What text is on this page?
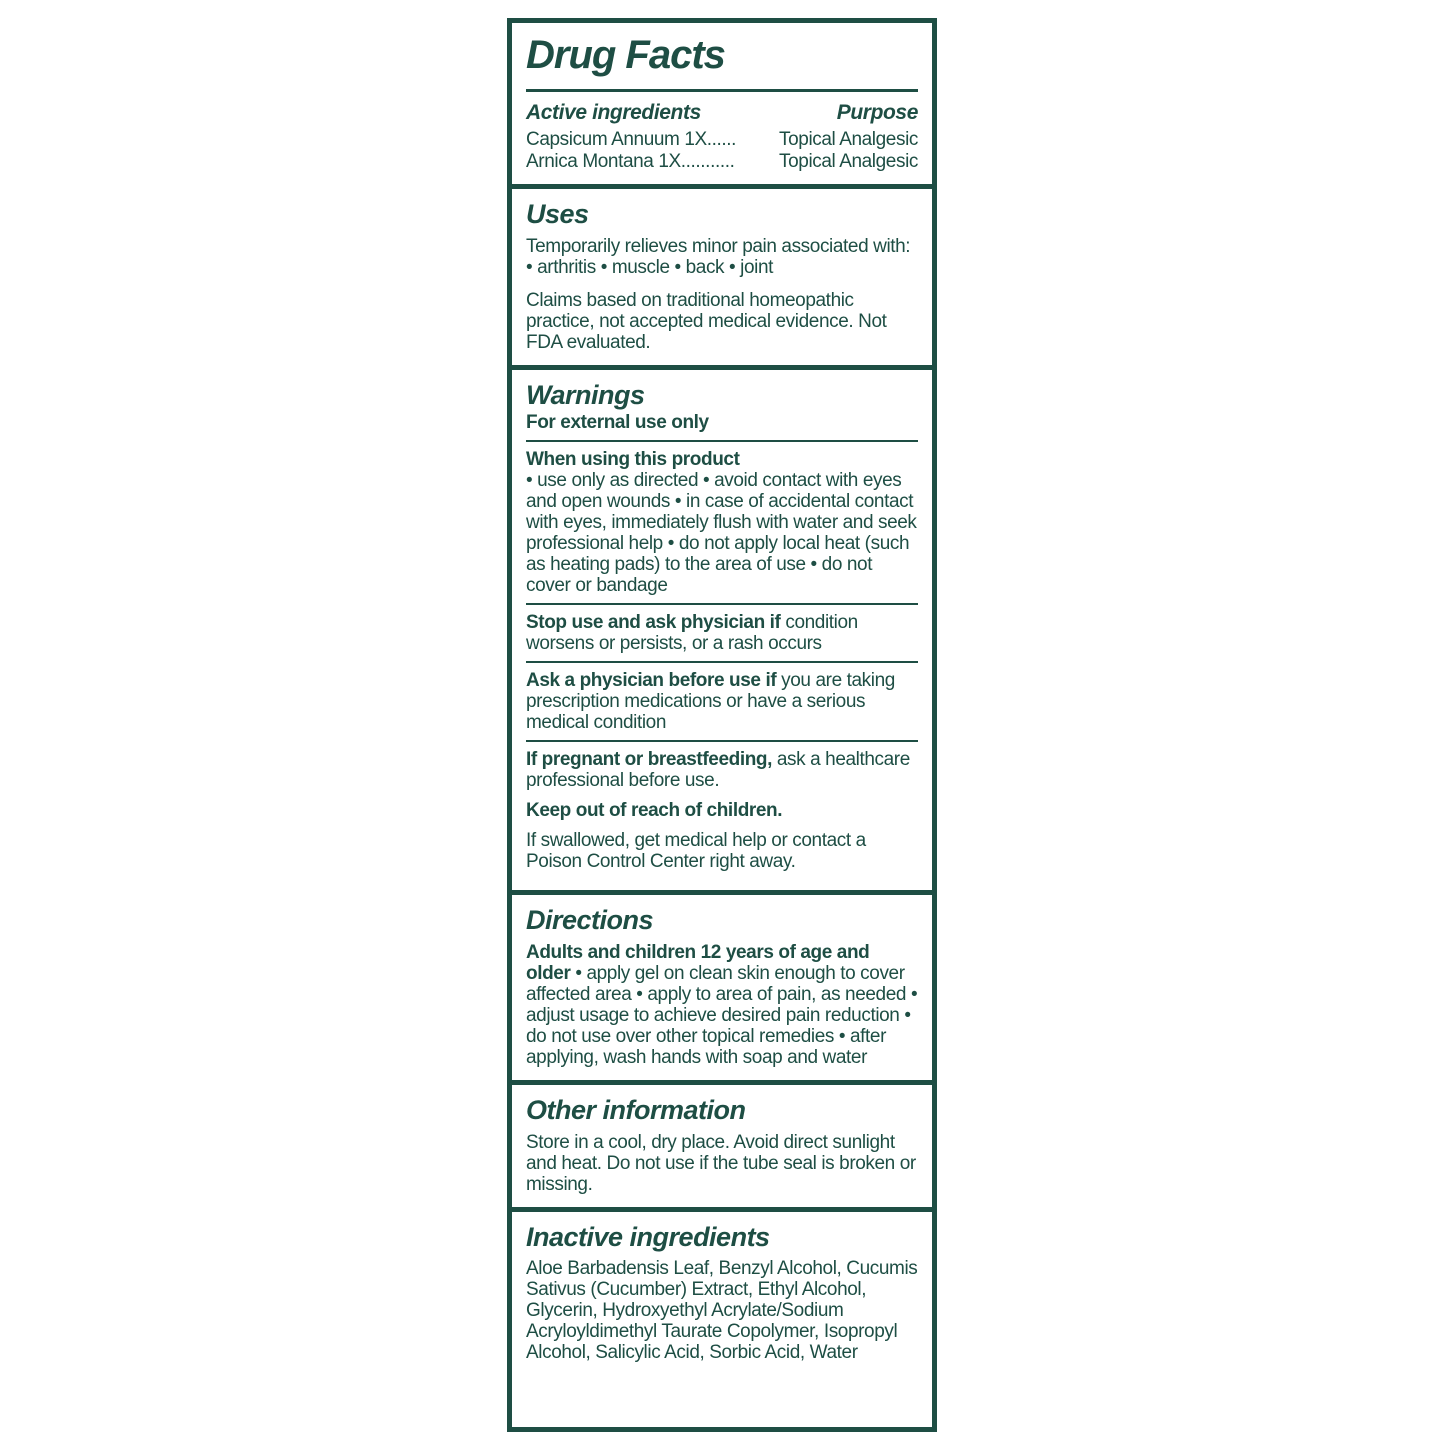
Drug Facts
Active ingredients	Purpose
Capsicum Annuum 1X...... Topical Analgesic
Arnica Montana 1X........... Topical Analgesic
Uses

Temporarily relieves minor pain associated with: • arthritis • muscle • back • joint

Claims based on traditional homeopathic practice, not accepted medical evidence. Not FDA evaluated.

Warnings

For external use only

When using this product
• use only as directed • avoid contact with eyes and open wounds • in case of accidental contact with eyes, immediately flush with water and seek professional help • do not apply local heat (such as heating pads) to the area of use • do not cover or bandage

Stop use and ask physician if condition worsens or persists, or a rash occurs

Ask a physician before use if you are taking prescription medications or have a serious medical condition

If pregnant or breastfeeding, ask a healthcare professional before use.

Keep out of reach of children.

If swallowed, get medical help or contact a Poison Control Center right away.

Directions

Adults and children 12 years of age and older • apply gel on clean skin enough to cover affected area • apply to area of pain, as needed • adjust usage to achieve desired pain reduction • do not use over other topical remedies • after applying, wash hands with soap and water

Other information

Store in a cool, dry place. Avoid direct sunlight and heat. Do not use if the tube seal is broken or missing.

Inactive ingredients

Aloe Barbadensis Leaf, Benzyl Alcohol, Cucumis Sativus (Cucumber) Extract, Ethyl Alcohol, Glycerin, Hydroxyethyl Acrylate/Sodium Acryloyldimethyl Taurate Copolymer, Isopropyl Alcohol, Salicylic Acid, Sorbic Acid, Water
